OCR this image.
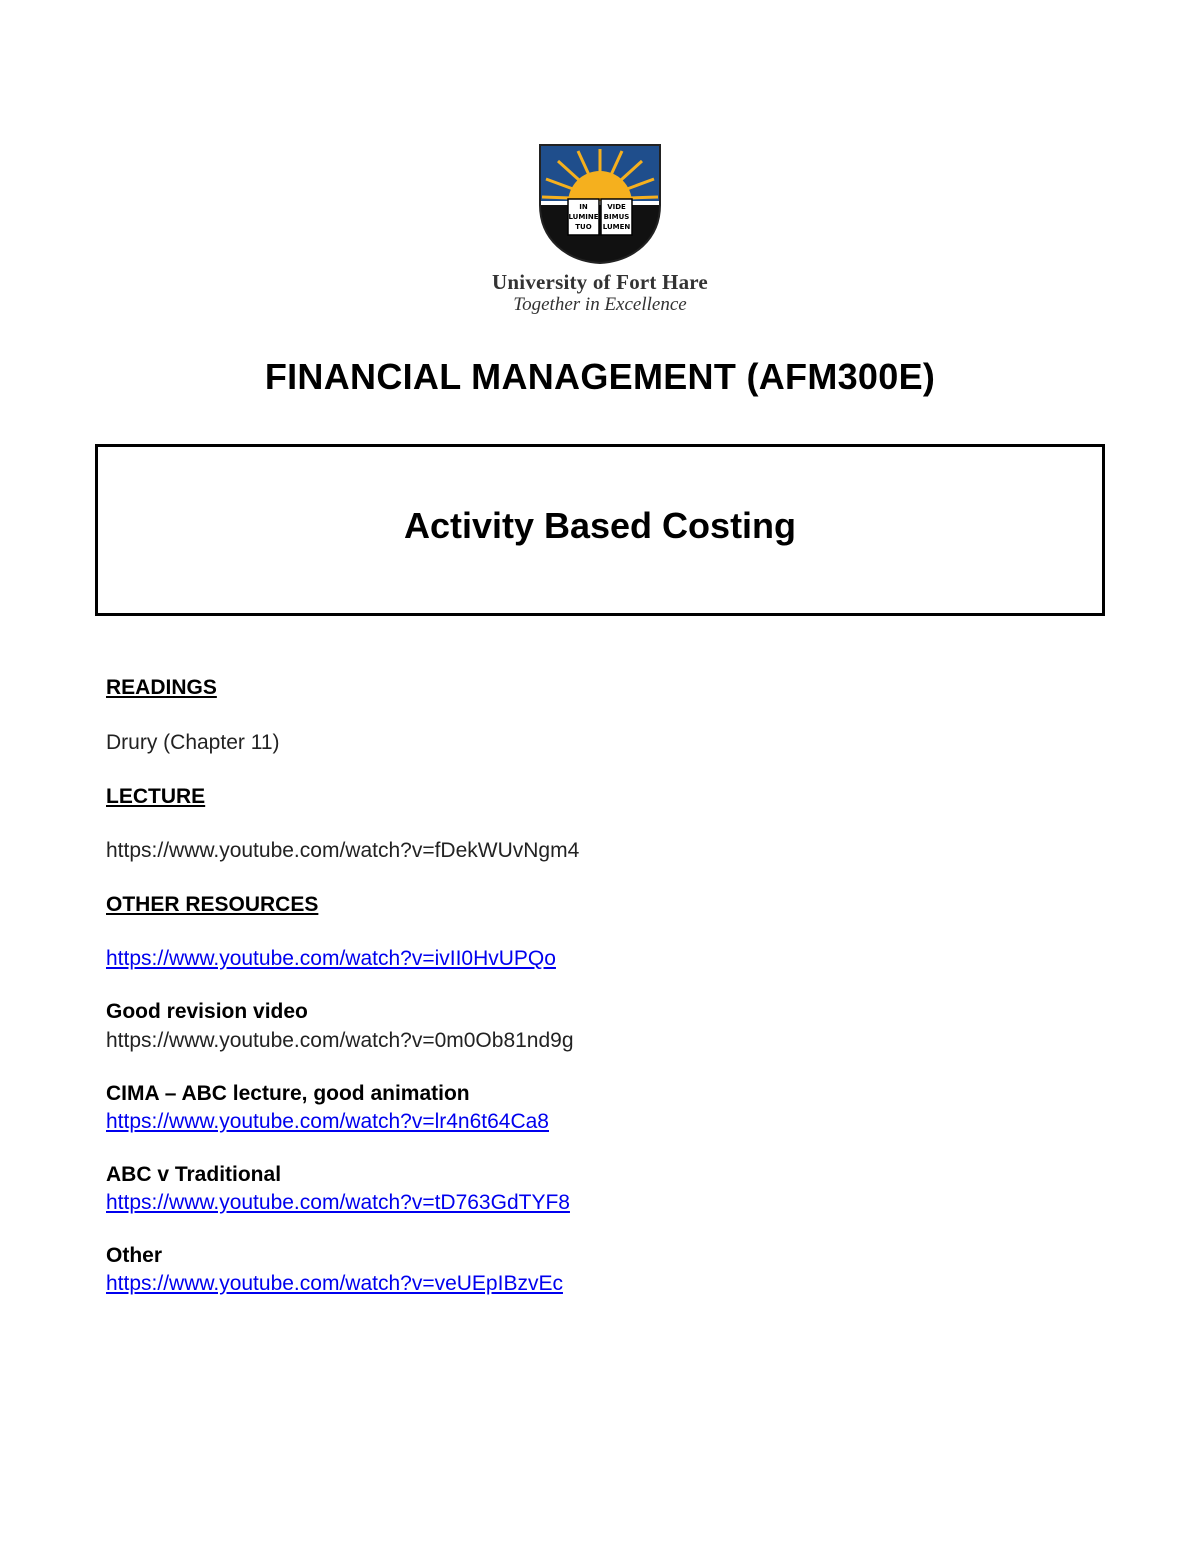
IN
LUMINE
TUO
VIDE
BIMUS
LUMEN
University of Fort Hare
Together in Excellence
FINANCIAL MANAGEMENT (AFM300E)
Activity Based Costing
READINGS
Drury (Chapter 11)
LECTURE
https://www.youtube.com/watch?v=fDekWUvNgm4
OTHER RESOURCES
https://www.youtube.com/watch?v=ivII0HvUPQo
Good revision video
https://www.youtube.com/watch?v=0m0Ob81nd9g
CIMA – ABC lecture, good animation
https://www.youtube.com/watch?v=lr4n6t64Ca8
ABC v Traditional
https://www.youtube.com/watch?v=tD763GdTYF8
Other
https://www.youtube.com/watch?v=veUEpIBzvEc
